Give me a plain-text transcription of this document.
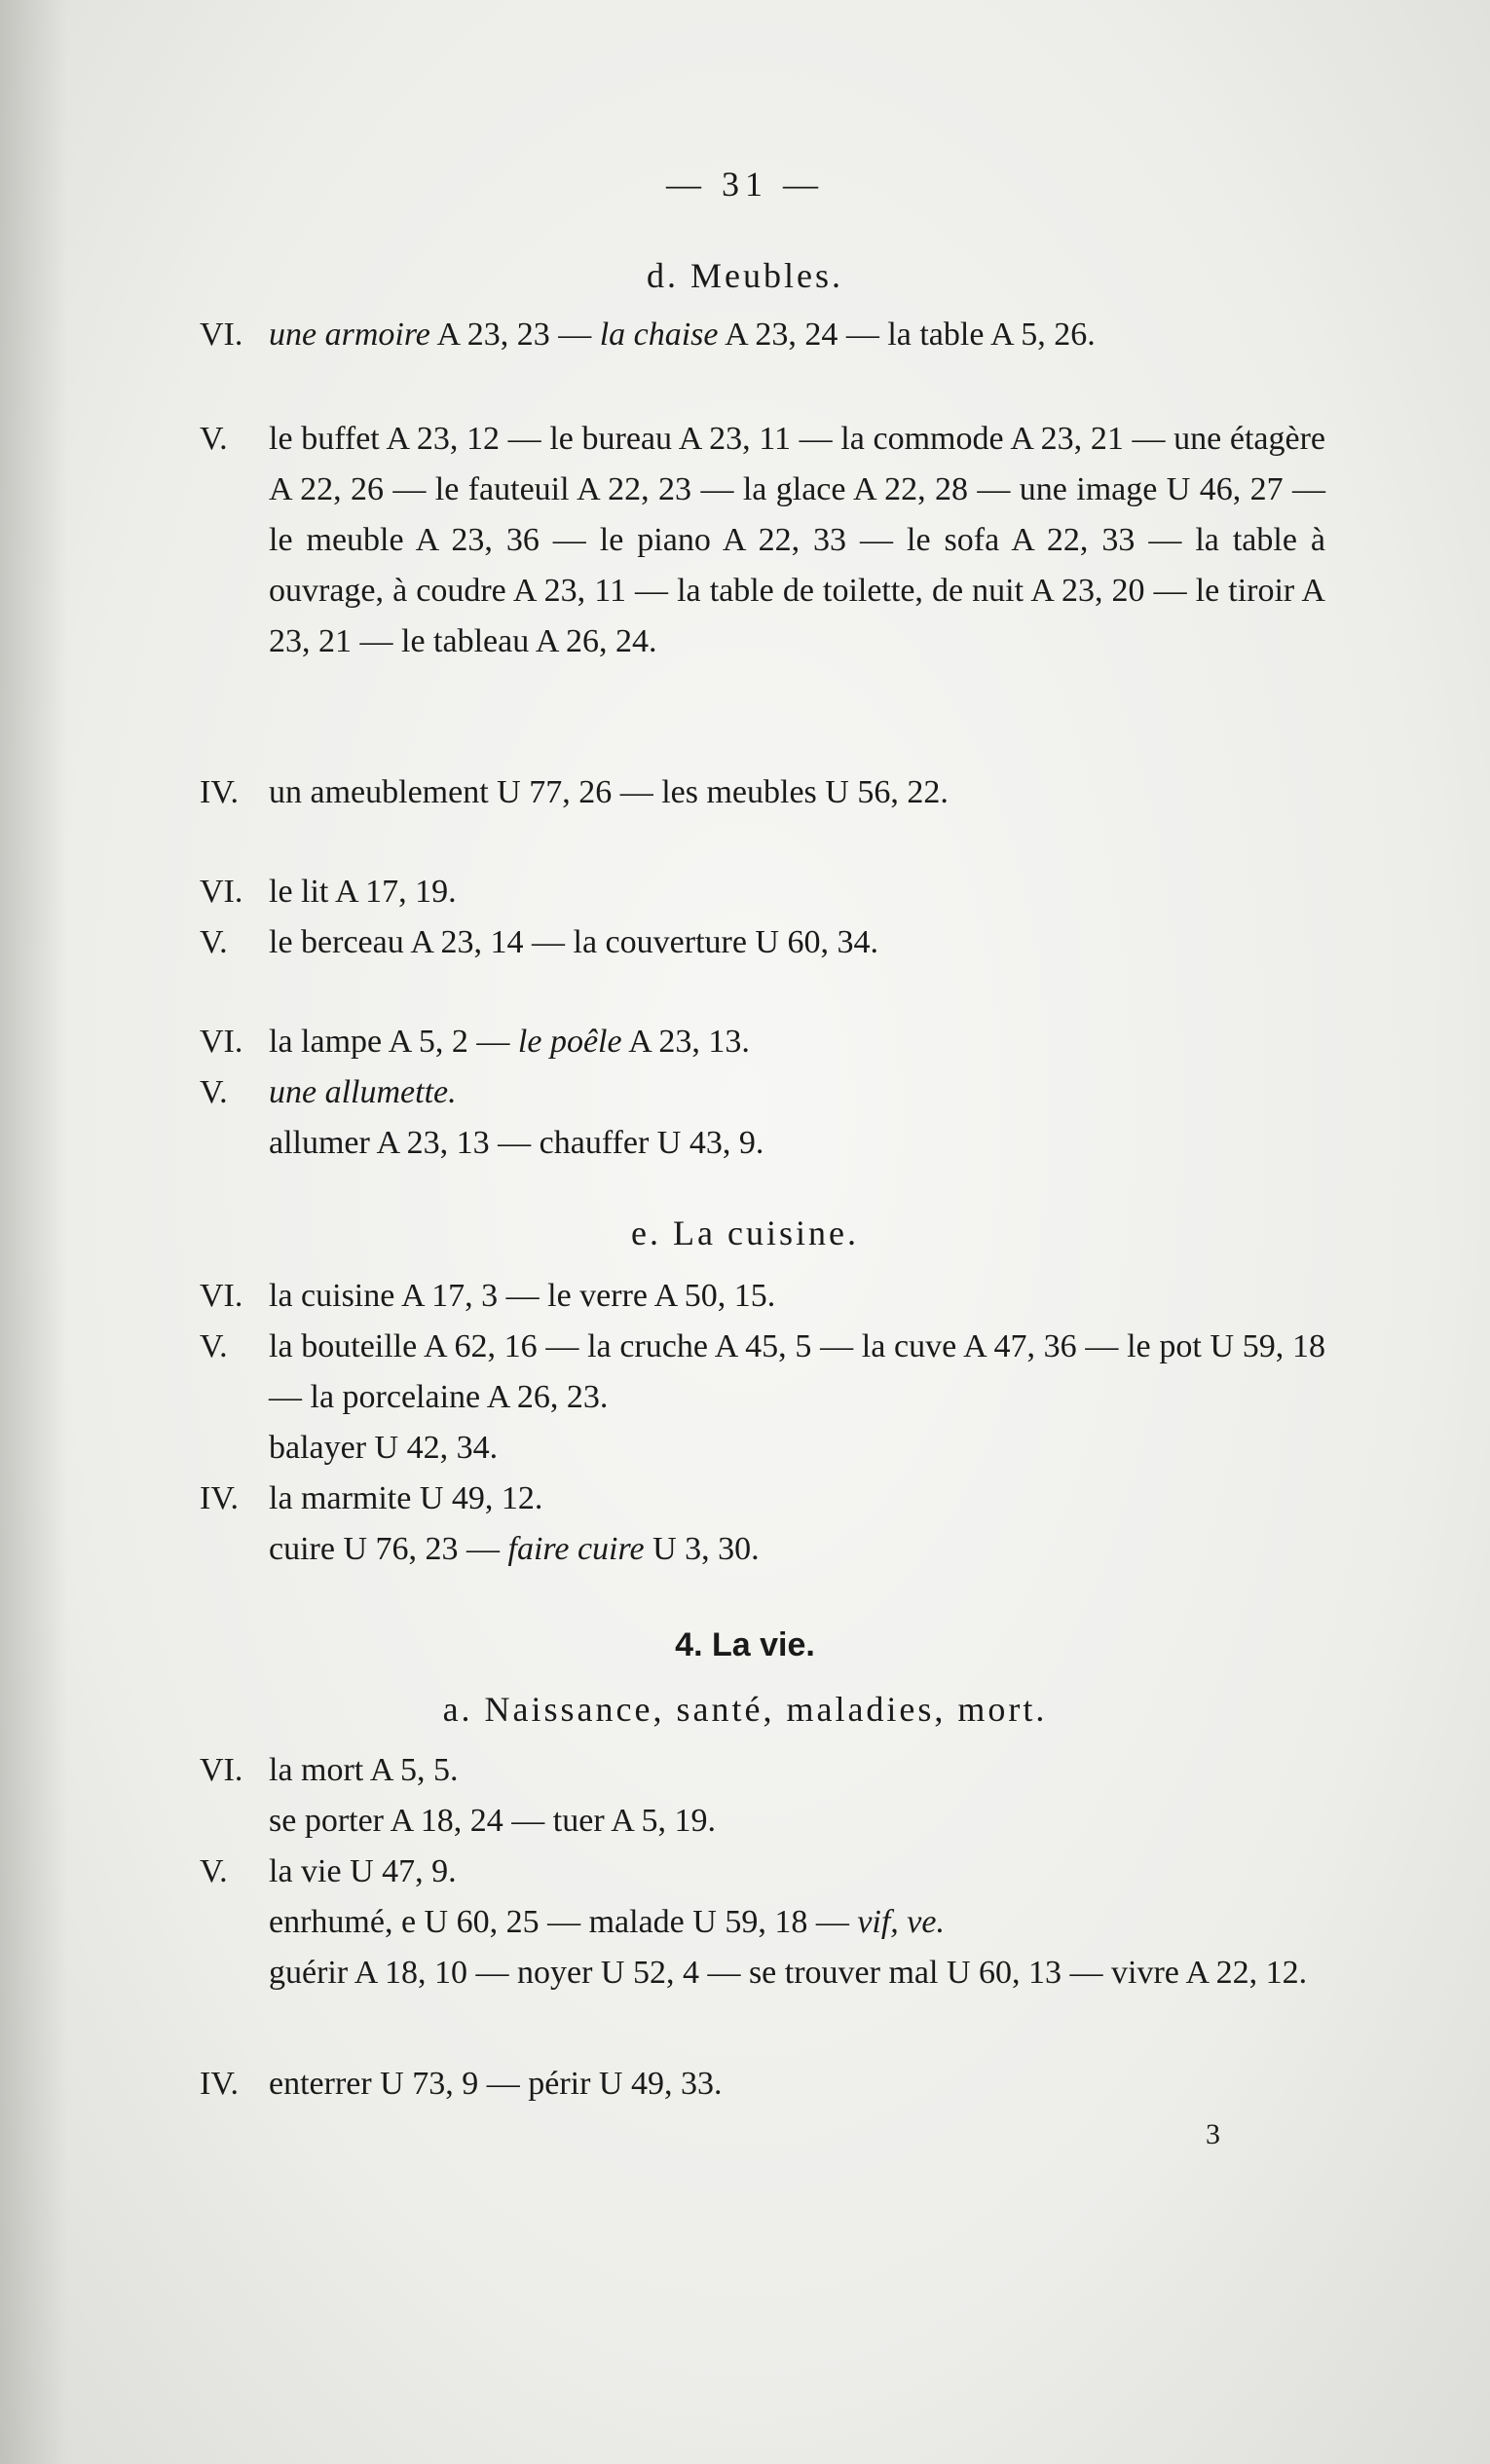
— 31 —
d. Meubles.
VI. une armoire A 23, 23 — la chaise A 23, 24 — la table A 5, 26.
V. le buffet A 23, 12 — le bureau A 23, 11 — la commode A 23, 21 — une étagère A 22, 26 — le fauteuil A 22, 23 — la glace A 22, 28 — une image U 46, 27 — le meuble A 23, 36 — le piano A 22, 33 — le sofa A 22, 33 — la table à ouvrage, à coudre A 23, 11 — la table de toilette, de nuit A 23, 20 — le tiroir A 23, 21 — le tableau A 26, 24.
IV. un ameublement U 77, 26 — les meubles U 56, 22.
VI. le lit A 17, 19.
V. le berceau A 23, 14 — la couverture U 60, 34.
VI. la lampe A 5, 2 — le poêle A 23, 13.
V. une allumette.
allumer A 23, 13 — chauffer U 43, 9.
e. La cuisine.
VI. la cuisine A 17, 3 — le verre A 50, 15.
V. la bouteille A 62, 16 — la cruche A 45, 5 — la cuve A 47, 36 — le pot U 59, 18 — la porcelaine A 26, 23.
balayer U 42, 34.
IV. la marmite U 49, 12.
cuire U 76, 23 — faire cuire U 3, 30.
4. La vie.
a. Naissance, santé, maladies, mort.
VI. la mort A 5, 5.
se porter A 18, 24 — tuer A 5, 19.
V. la vie U 47, 9.
enrhumé, e U 60, 25 — malade U 59, 18 — vif, ve.
guérir A 18, 10 — noyer U 52, 4 — se trouver mal U 60, 13 — vivre A 22, 12.
IV. enterrer U 73, 9 — périr U 49, 33.
3
